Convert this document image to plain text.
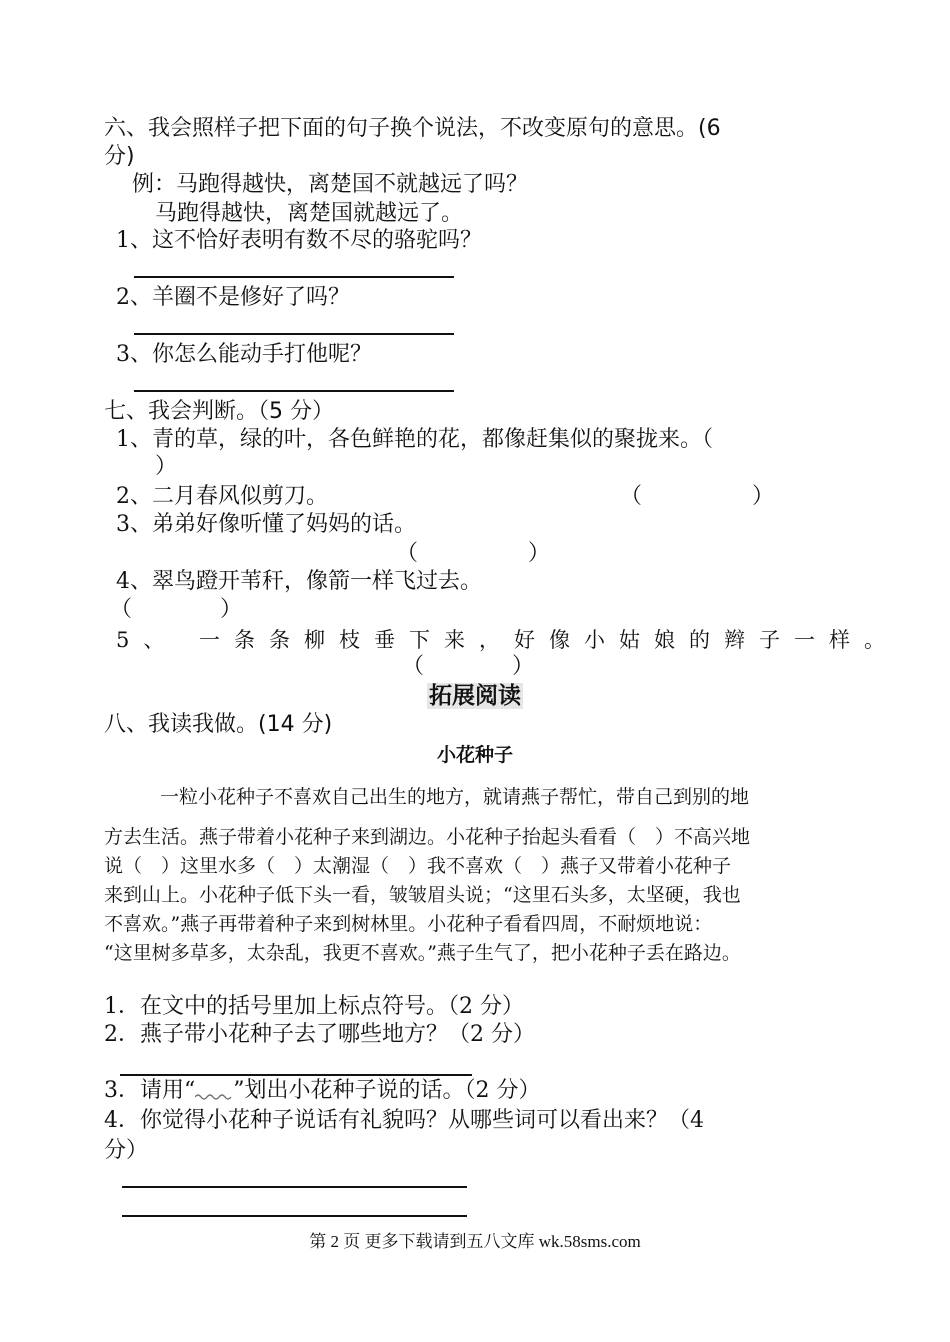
六、我会照样子把下面的句子换个说法，不改变原句的意思。(6
分)
例：马跑得越快，离楚国不就越远了吗？
马跑得越快，离楚国就越远了。
1、这不恰好表明有数不尽的骆驼吗？
2、羊圈不是修好了吗？
3、你怎么能动手打他呢？
七、我会判断。（5 分）
1、青的草，绿的叶，各色鲜艳的花，都像赶集似的聚拢来。（
）
2、二月春风似剪刀。	（　　　　　）
3、弟弟好像听懂了妈妈的话。
（　　　　　）
4、翠鸟蹬开苇秆，像箭一样飞过去。
（　　　　）
5、 一条条柳枝垂下来，好像小姑娘的辫子一样。
（　　　　）
拓展阅读
八、我读我做。(14 分)
小花种子
一粒小花种子不喜欢自己出生的地方，就请燕子帮忙，带自己到别的地
方去生活。燕子带着小花种子来到湖边。小花种子抬起头看看（　）不高兴地
说（　）这里水多（　）太潮湿（　）我不喜欢（　）燕子又带着小花种子
来到山上。小花种子低下头一看，皱皱眉头说；“这里石头多，太坚硬，我也
不喜欢。”燕子再带着种子来到树林里。小花种子看看四周，不耐烦地说：
“这里树多草多，太杂乱，我更不喜欢。”燕子生气了，把小花种子丢在路边。
1．在文中的括号里加上标点符号。（2 分）
2．燕子带小花种子去了哪些地方？（2 分）
3．请用“ ”划出小花种子说的话。（2 分）
4．你觉得小花种子说话有礼貌吗？从哪些词可以看出来？（4
分）
第 2 页 更多下载请到五八文库 wk.58sms.com
